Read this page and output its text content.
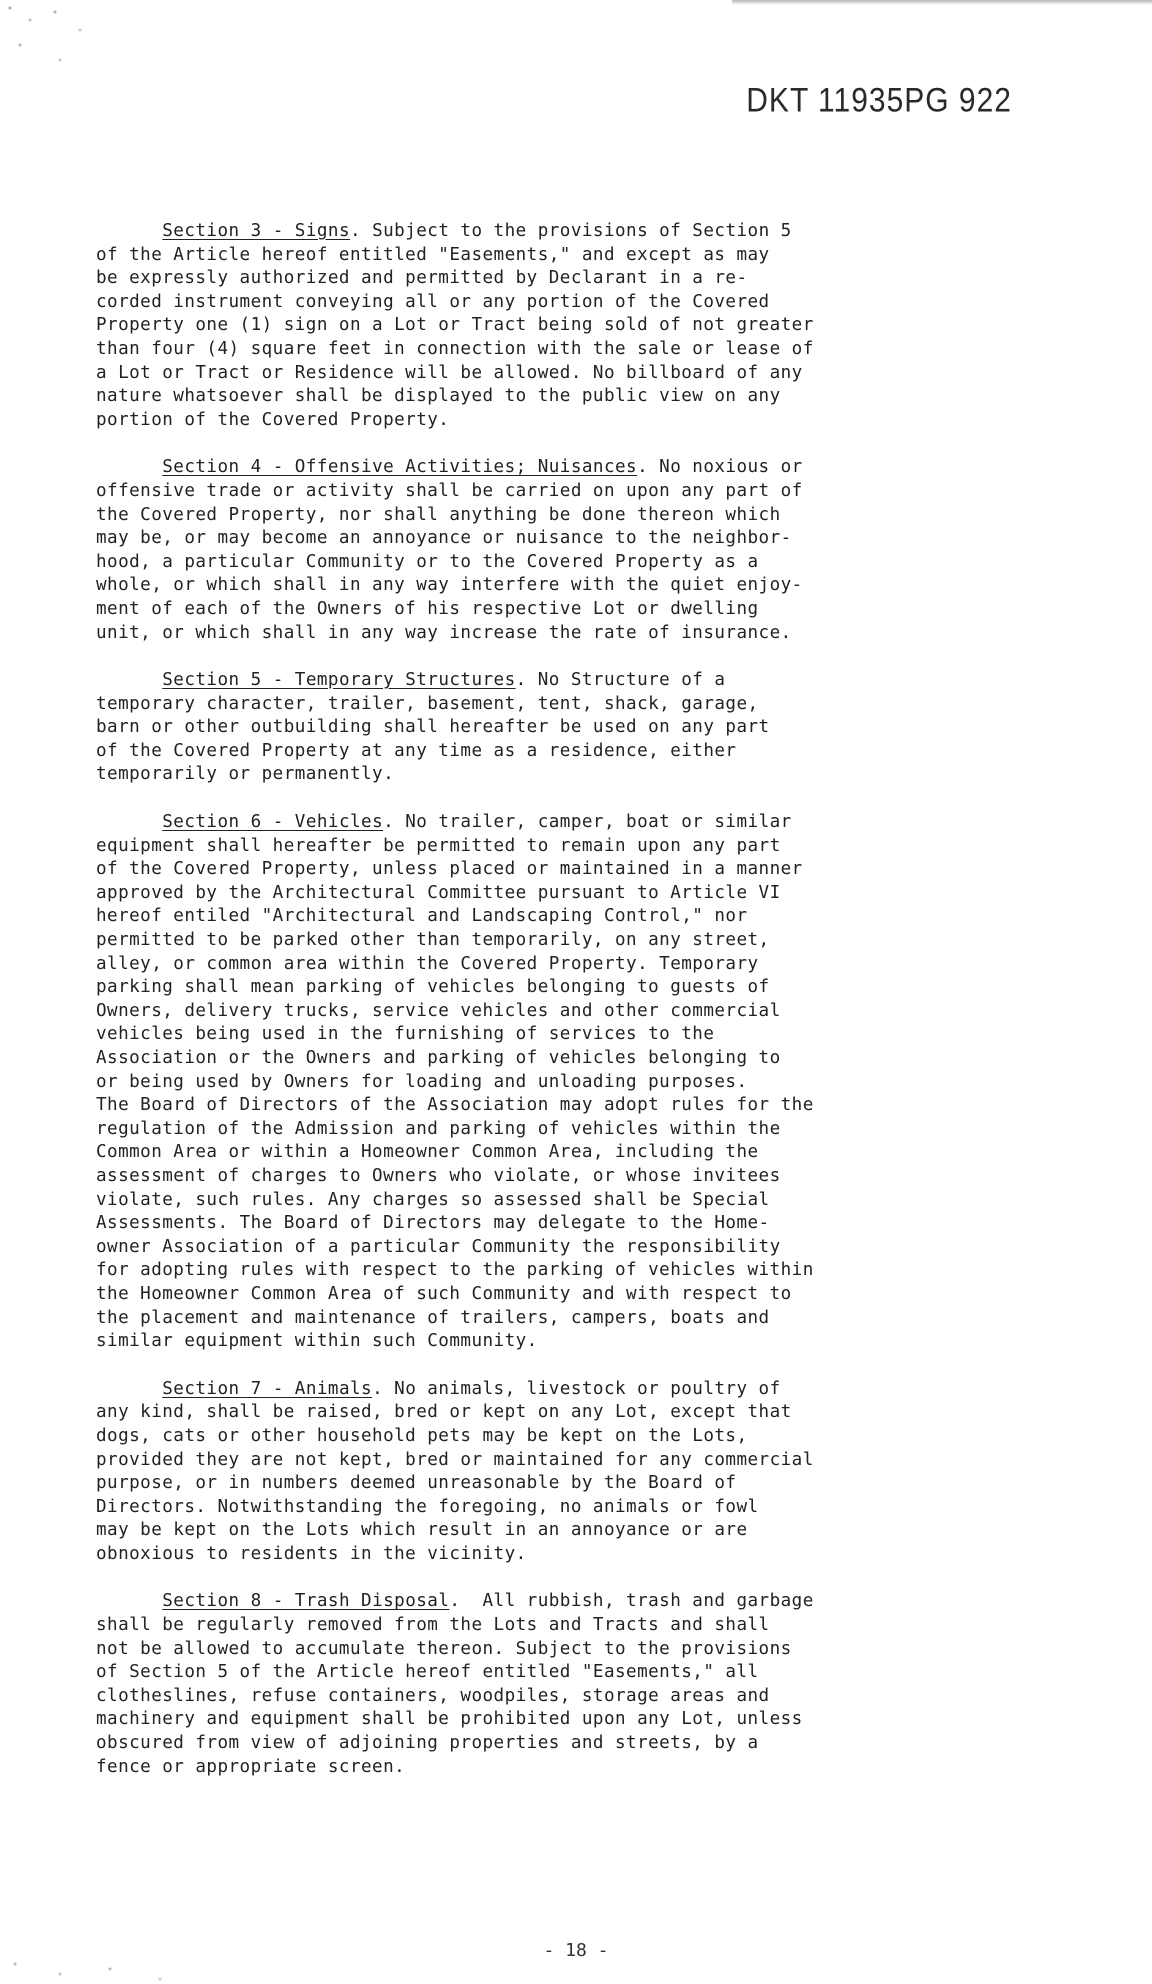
DKT 11935PG 922

Section 3 - Signs. Subject to the provisions of Section 5
of the Article hereof entitled "Easements," and except as may
be expressly authorized and permitted by Declarant in a re-
corded instrument conveying all or any portion of the Covered
Property one (1) sign on a Lot or Tract being sold of not greater
than four (4) square feet in connection with the sale or lease of
a Lot or Tract or Residence will be allowed. No billboard of any
nature whatsoever shall be displayed to the public view on any
portion of the Covered Property.

Section 4 - Offensive Activities; Nuisances. No noxious or
offensive trade or activity shall be carried on upon any part of
the Covered Property, nor shall anything be done thereon which
may be, or may become an annoyance or nuisance to the neighbor-
hood, a particular Community or to the Covered Property as a
whole, or which shall in any way interfere with the quiet enjoy-
ment of each of the Owners of his respective Lot or dwelling
unit, or which shall in any way increase the rate of insurance.

Section 5 - Temporary Structures. No Structure of a
temporary character, trailer, basement, tent, shack, garage,
barn or other outbuilding shall hereafter be used on any part
of the Covered Property at any time as a residence, either
temporarily or permanently.

Section 6 - Vehicles. No trailer, camper, boat or similar
equipment shall hereafter be permitted to remain upon any part
of the Covered Property, unless placed or maintained in a manner
approved by the Architectural Committee pursuant to Article VI
hereof entiled "Architectural and Landscaping Control," nor
permitted to be parked other than temporarily, on any street,
alley, or common area within the Covered Property. Temporary
parking shall mean parking of vehicles belonging to guests of
Owners, delivery trucks, service vehicles and other commercial
vehicles being used in the furnishing of services to the
Association or the Owners and parking of vehicles belonging to
or being used by Owners for loading and unloading purposes.
The Board of Directors of the Association may adopt rules for the
regulation of the Admission and parking of vehicles within the
Common Area or within a Homeowner Common Area, including the
assessment of charges to Owners who violate, or whose invitees
violate, such rules. Any charges so assessed shall be Special
Assessments. The Board of Directors may delegate to the Home-
owner Association of a particular Community the responsibility
for adopting rules with respect to the parking of vehicles within
the Homeowner Common Area of such Community and with respect to
the placement and maintenance of trailers, campers, boats and
similar equipment within such Community.

Section 7 - Animals. No animals, livestock or poultry of
any kind, shall be raised, bred or kept on any Lot, except that
dogs, cats or other household pets may be kept on the Lots,
provided they are not kept, bred or maintained for any commercial
purpose, or in numbers deemed unreasonable by the Board of
Directors. Notwithstanding the foregoing, no animals or fowl
may be kept on the Lots which result in an annoyance or are
obnoxious to residents in the vicinity.

Section 8 - Trash Disposal.  All rubbish, trash and garbage
shall be regularly removed from the Lots and Tracts and shall
not be allowed to accumulate thereon. Subject to the provisions
of Section 5 of the Article hereof entitled "Easements," all
clotheslines, refuse containers, woodpiles, storage areas and
machinery and equipment shall be prohibited upon any Lot, unless
obscured from view of adjoining properties and streets, by a
fence or appropriate screen.

- 18 -
